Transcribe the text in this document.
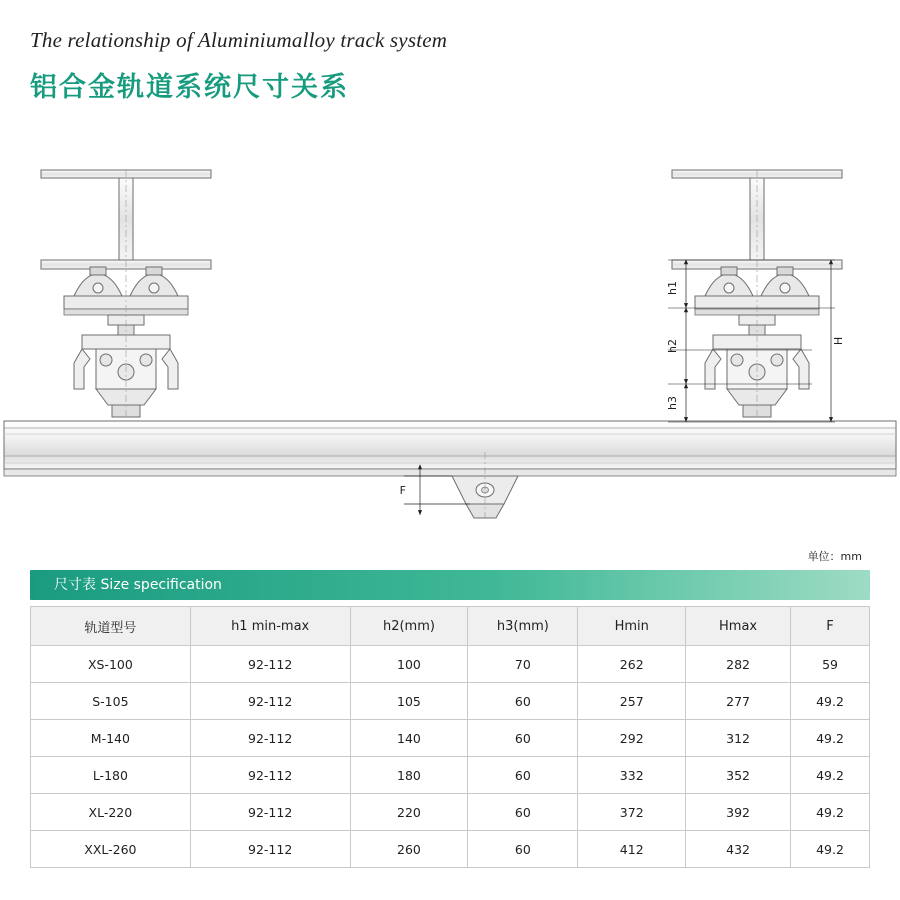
The relationship of Aluminiumalloy track system
铝合金轨道系统尺寸关系
F
h1
h2
h3
H
单位：mm
尺寸表 Size specification
轨道型号	h1 min-max	h2(mm)	h3(mm)	Hmin	Hmax	F
XS-100	92-112	100	70	262	282	59
S-105	92-112	105	60	257	277	49.2
M-140	92-112	140	60	292	312	49.2
L-180	92-112	180	60	332	352	49.2
XL-220	92-112	220	60	372	392	49.2
XXL-260	92-112	260	60	412	432	49.2
